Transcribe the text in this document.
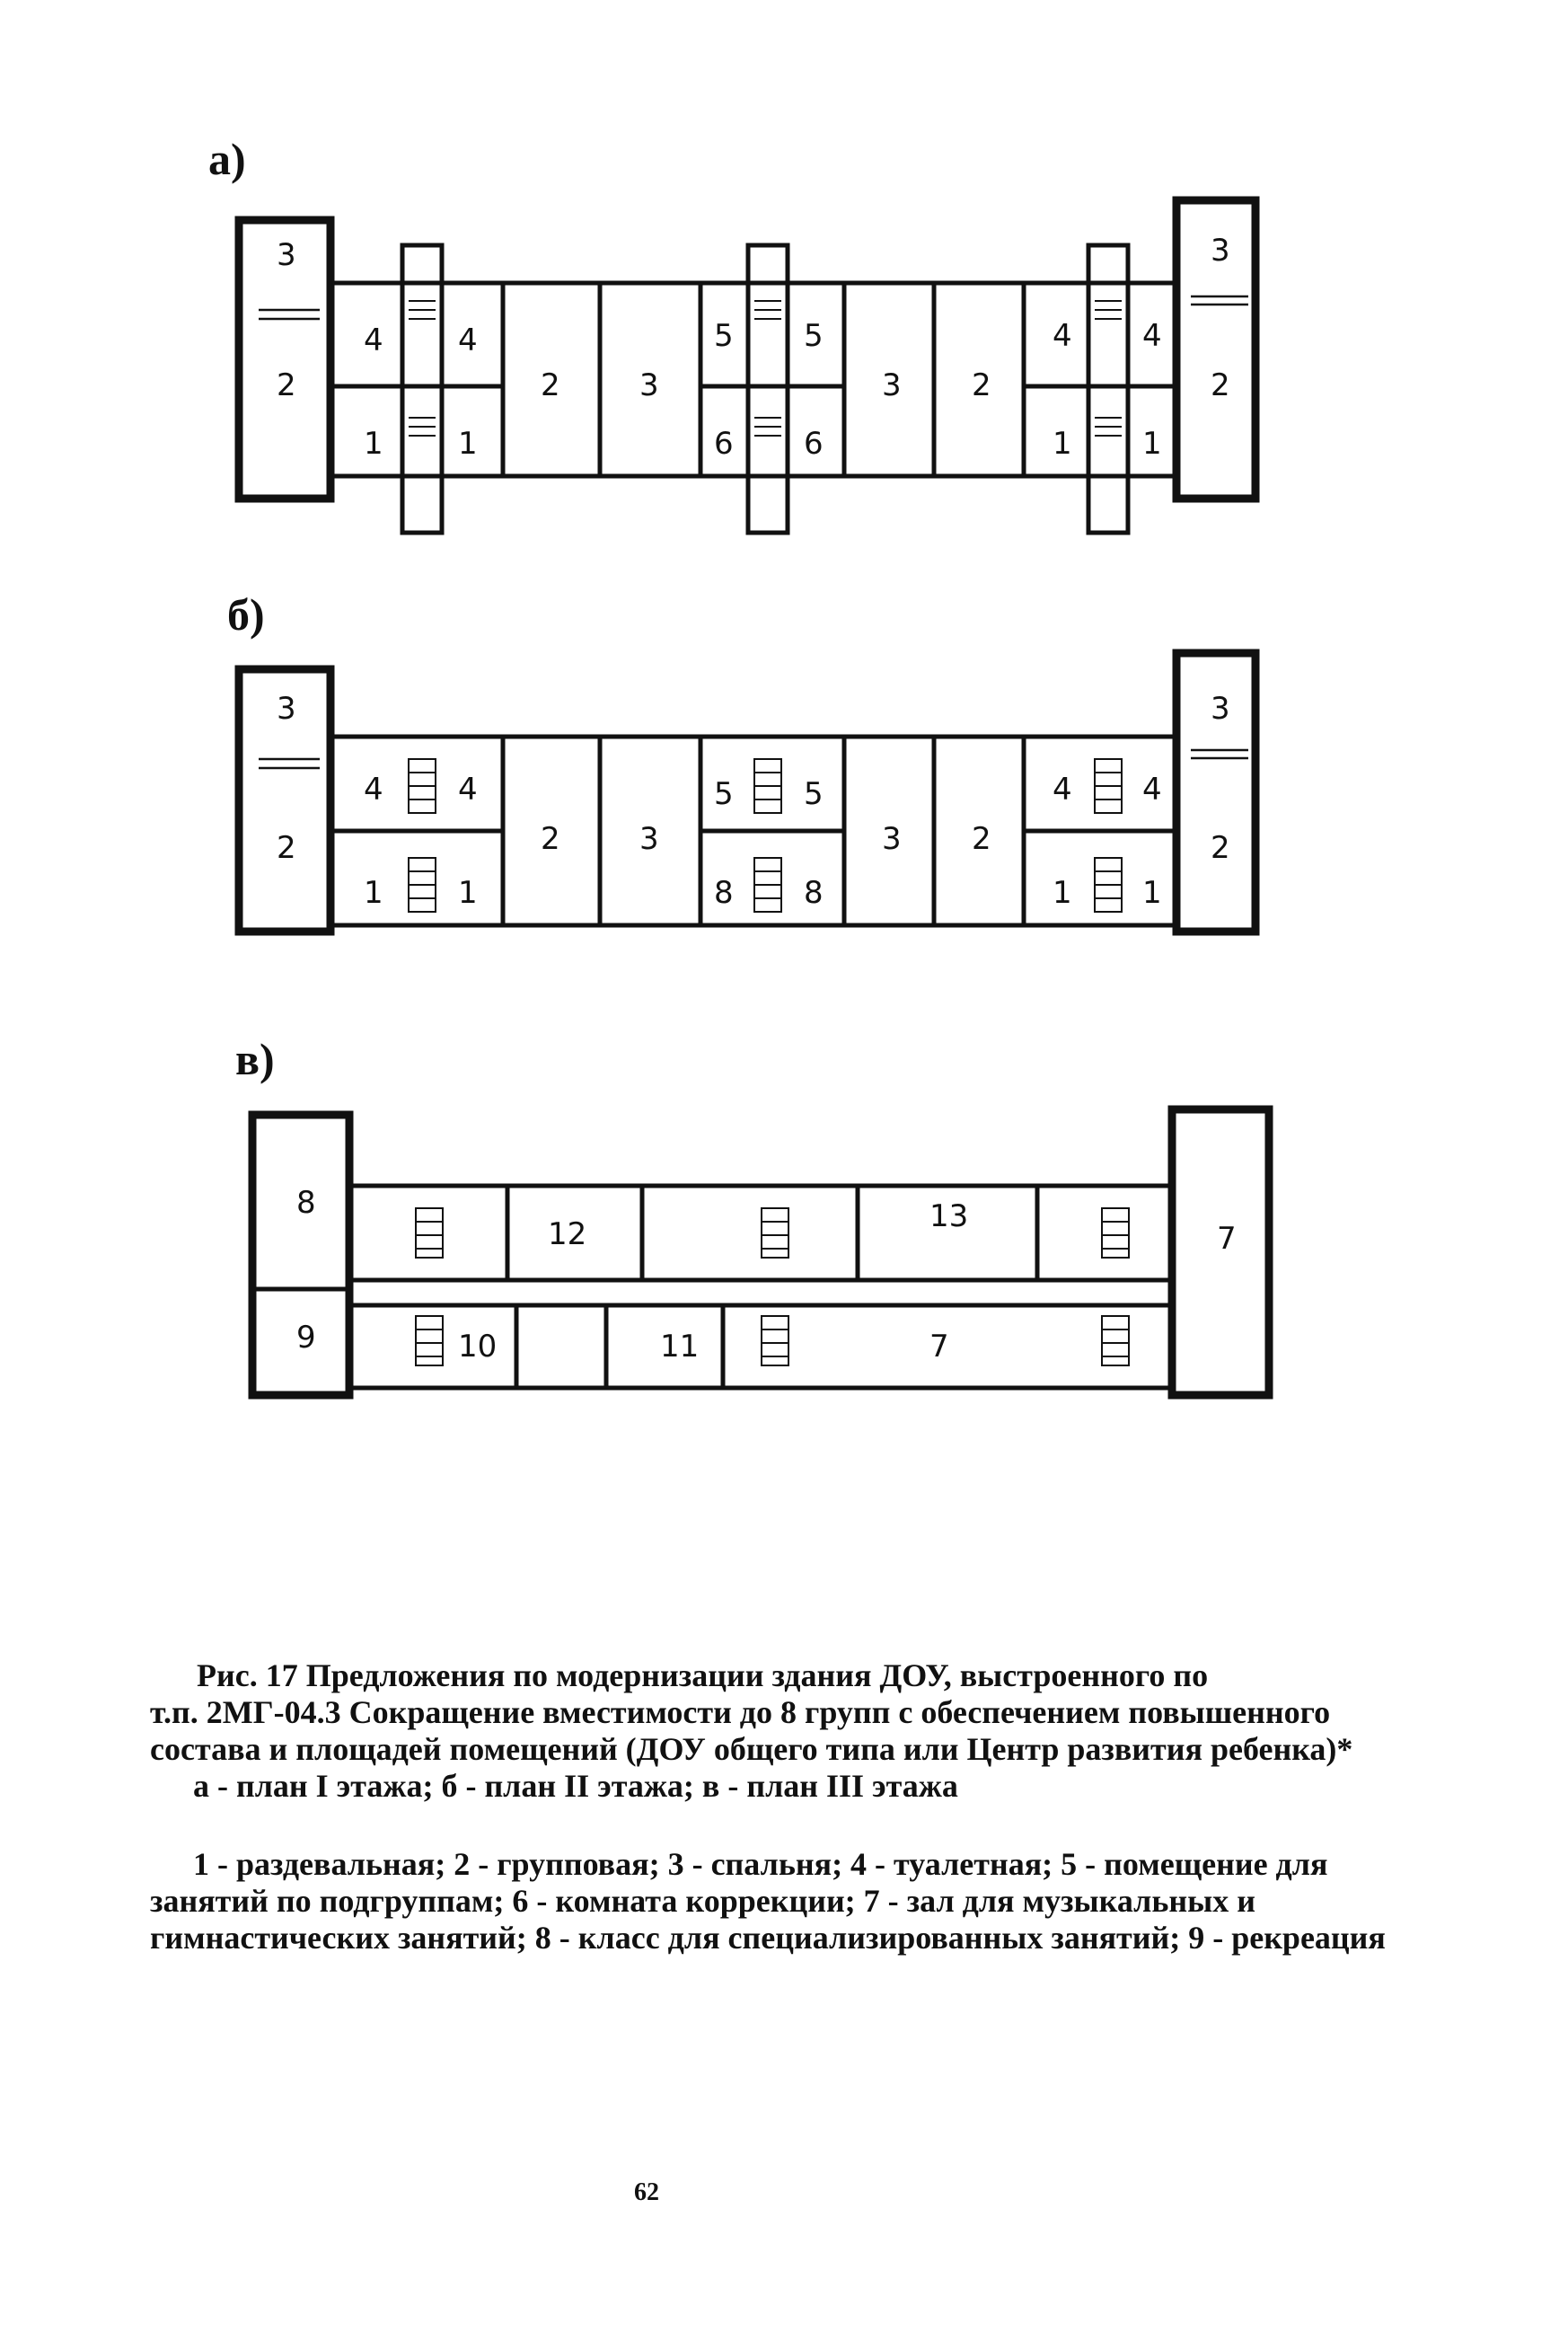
а)
б)
в)
3
2
4 4
1 1
2	3
5 5
6 6
3 2
4 4
1 1
3
2
3
2
4 4
1 1
2	3
5 5
8 8
3 2
4 4
1 1
3
2
8
9
12
10	11
13
7
7
Рис. 17 Предложения по модернизации здания ДОУ, выстроенного по
т.п. 2МГ-04.3 Сокращение вместимости до 8 групп с обеспечением повышенного
состава и площадей помещений (ДОУ общего типа или Центр развития ребенка)*
а - план I этажа; б - план II этажа; в - план III этажа
1 - раздевальная; 2 - групповая; 3 - спальня; 4 - туалетная; 5 - помещение для
занятий по подгруппам; 6 - комната коррекции; 7 - зал для музыкальных и
гимнастических занятий; 8 - класс для специализированных занятий; 9 - рекреация
62
